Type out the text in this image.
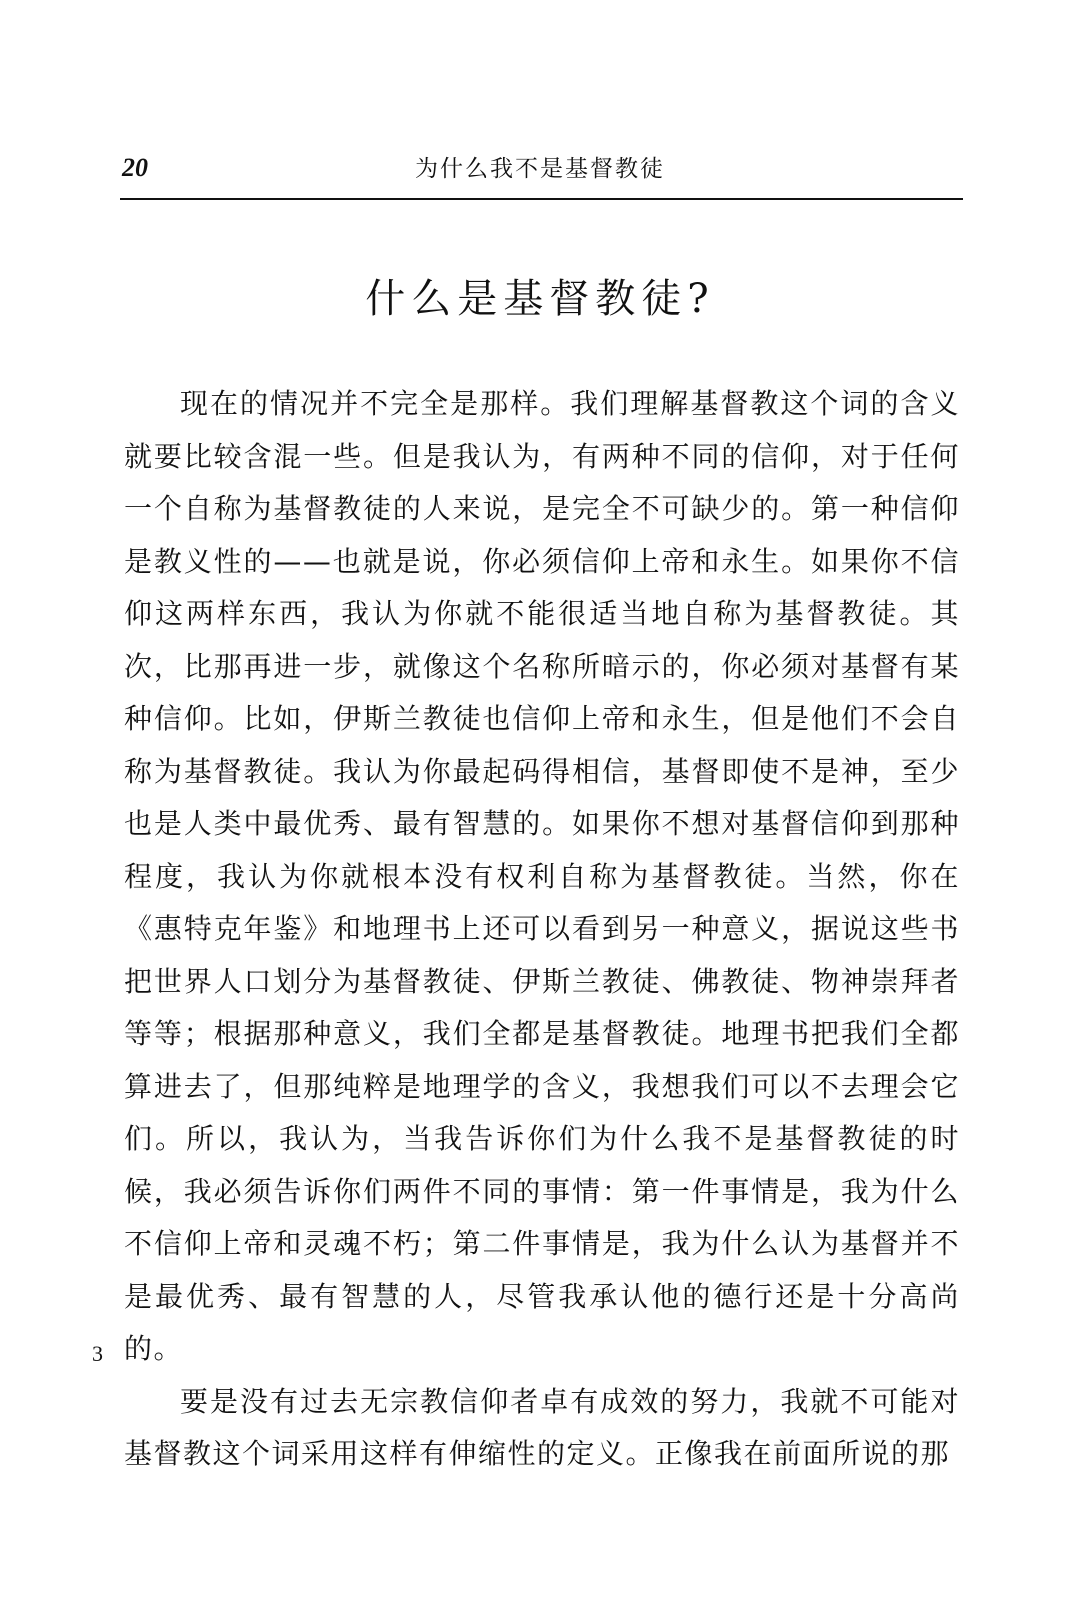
20	为什么我不是基督教徒
什么是基督教徒?

现在的情况并不完全是那样。我们理解基督教这个词的含义就要比较含混一些。但是我认为，有两种不同的信仰，对于任何一个自称为基督教徒的人来说，是完全不可缺少的。第一种信仰是教义性的——也就是说，你必须信仰上帝和永生。如果你不信仰这两样东西，我认为你就不能很适当地自称为基督教徒。其次，比那再进一步，就像这个名称所暗示的，你必须对基督有某种信仰。比如，伊斯兰教徒也信仰上帝和永生，但是他们不会自称为基督教徒。我认为你最起码得相信，基督即使不是神，至少也是人类中最优秀、最有智慧的。如果你不想对基督信仰到那种程度，我认为你就根本没有权利自称为基督教徒。当然，你在《惠特克年鉴》和地理书上还可以看到另一种意义，据说这些书把世界人口划分为基督教徒、伊斯兰教徒、佛教徒、物神崇拜者等等；根据那种意义，我们全都是基督教徒。地理书把我们全都算进去了，但那纯粹是地理学的含义，我想我们可以不去理会它们。所以，我认为，当我告诉你们为什么我不是基督教徒的时候，我必须告诉你们两件不同的事情：第一件事情是，我为什么不信仰上帝和灵魂不朽；第二件事情是，我为什么认为基督并不是最优秀、最有智慧的人，尽管我承认他的德行还是十分高尚的。

要是没有过去无宗教信仰者卓有成效的努力，我就不可能对基督教这个词采用这样有伸缩性的定义。正像我在前面所说的那

3
